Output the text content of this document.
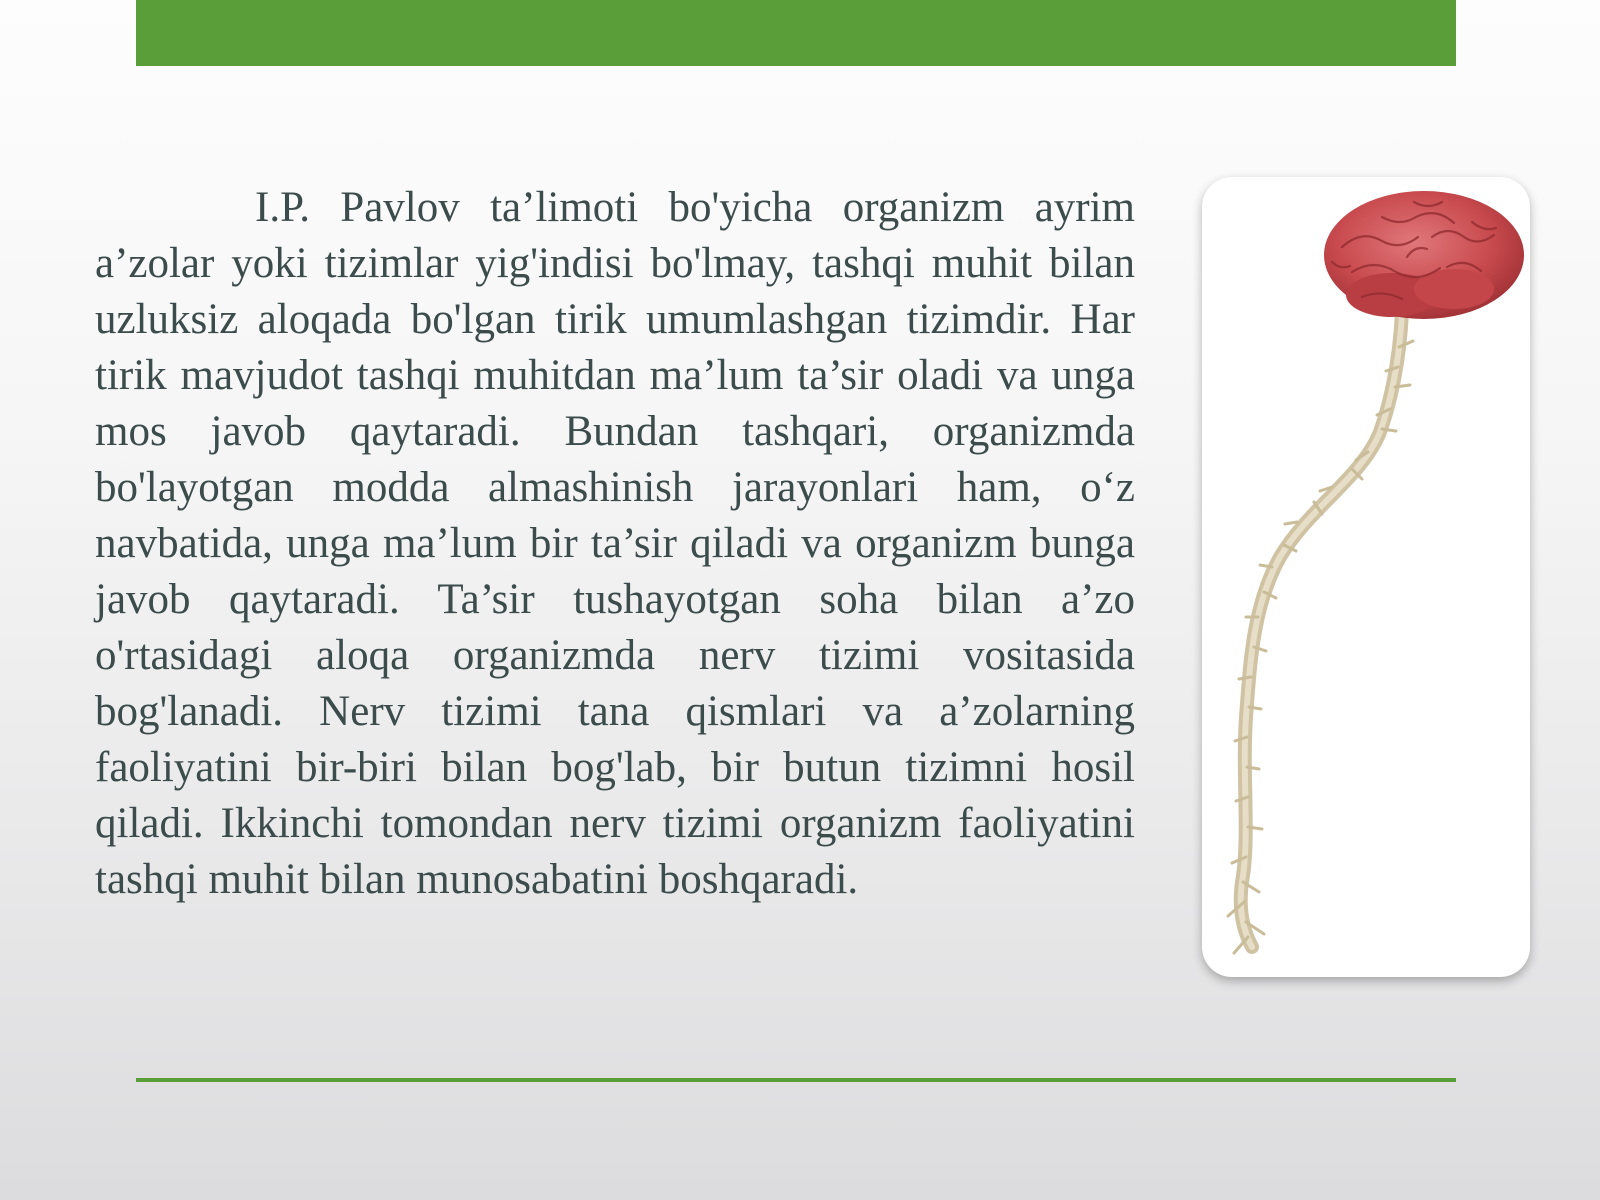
I.P. Pavlov ta’limoti bo'yicha organizm ayrim a’zolar yoki tizimlar yig'indisi bo'lmay, tashqi muhit bilan uzluksiz aloqada bo'lgan tirik umumlashgan tizimdir. Har tirik mavjudot tashqi muhitdan ma’lum ta’sir oladi va unga mos javob qaytaradi. Bundan tashqari, organizmda bo'layotgan modda almashinish jarayonlari ham, o‘z navbatida, unga ma’lum bir ta’sir qiladi va organizm bunga javob qaytaradi. Ta’sir tushayotgan soha bilan a’zo o'rtasidagi aloqa organizmda nerv tizimi vositasida bog'lanadi. Nerv tizimi tana qismlari va a’zolarning faoliyatini bir-biri bilan bog'lab, bir butun tizimni hosil qiladi. Ikkinchi tomondan nerv tizimi organizm faoliyatini tashqi muhit bilan munosabatini boshqaradi.
